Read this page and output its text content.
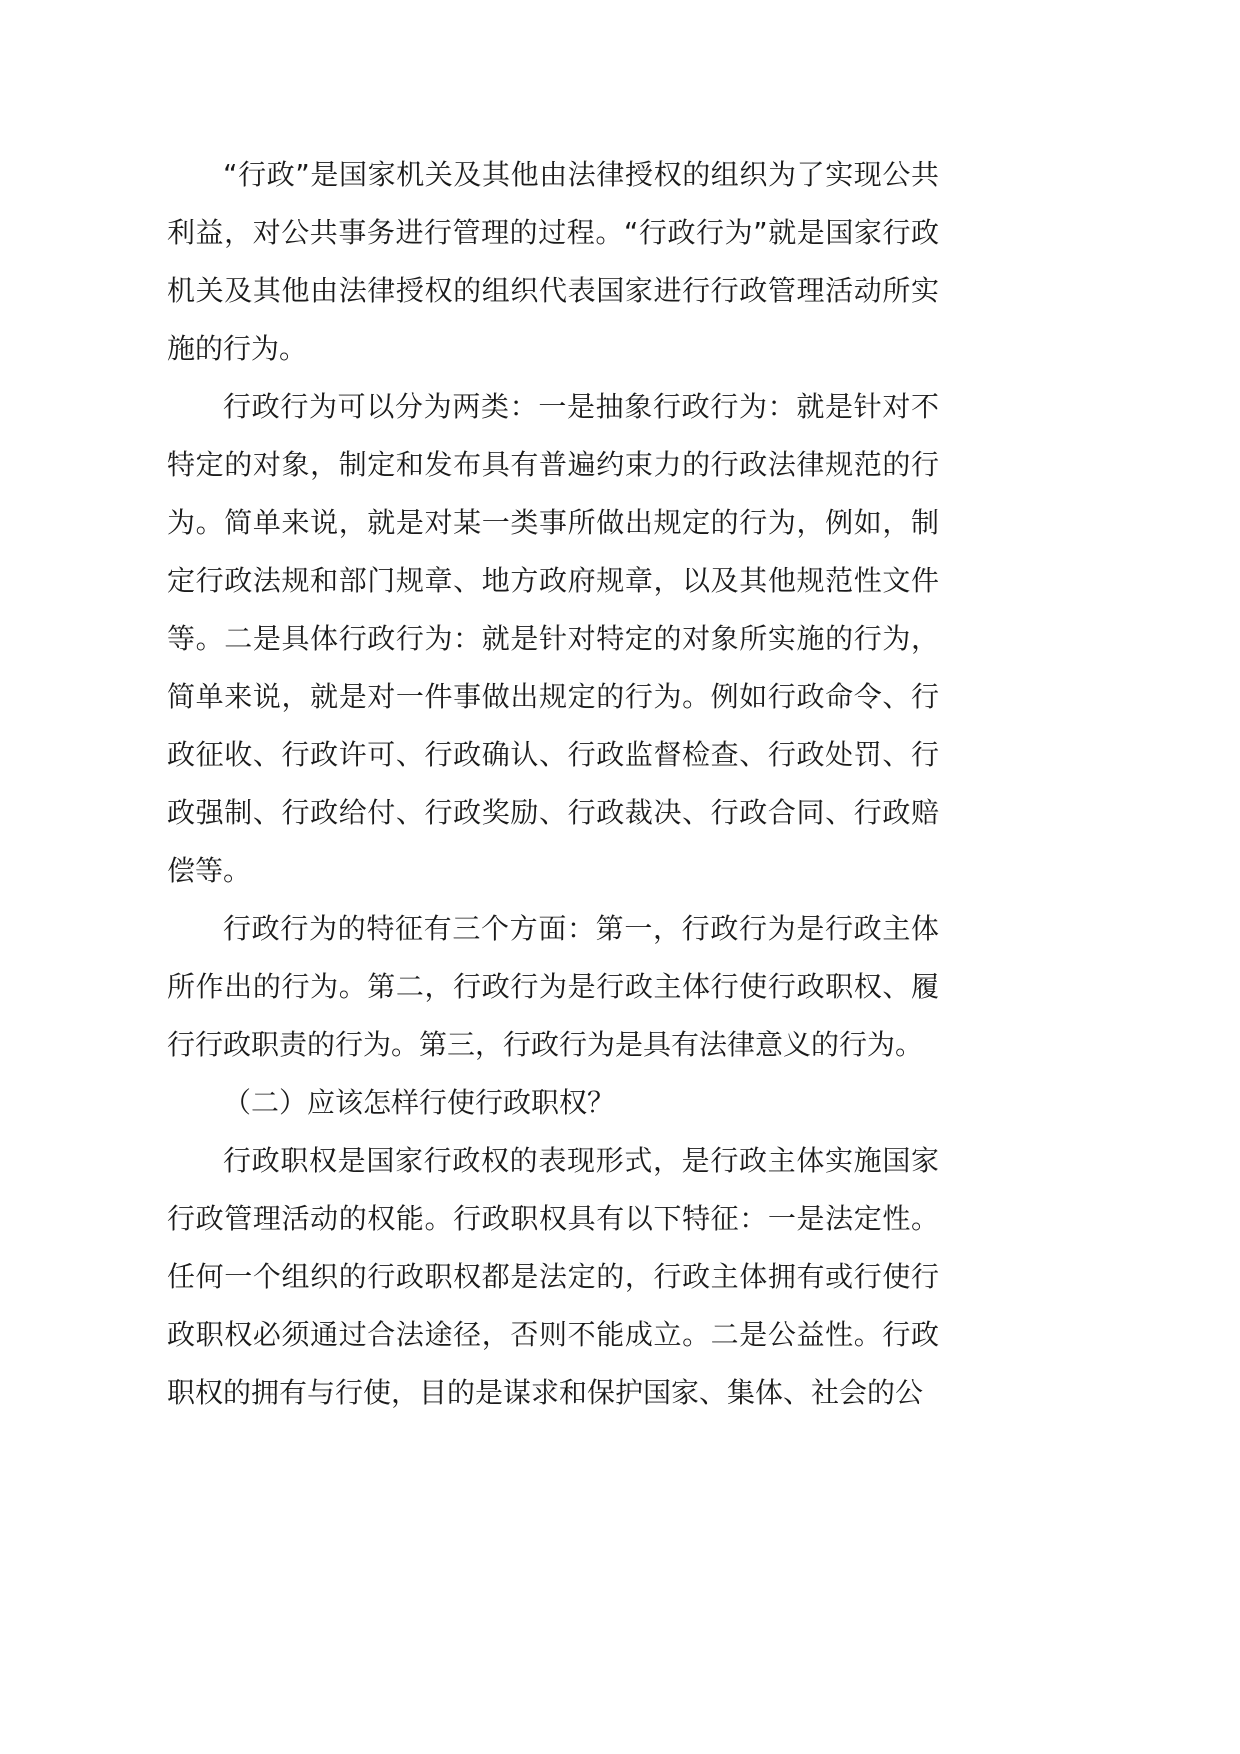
“行政”是国家机关及其他由法律授权的组织为了实现公共利益，对公共事务进行管理的过程。“行政行为”就是国家行政机关及其他由法律授权的组织代表国家进行行政管理活动所实施的行为。

行政行为可以分为两类：一是抽象行政行为：就是针对不特定的对象，制定和发布具有普遍约束力的行政法律规范的行为。简单来说，就是对某一类事所做出规定的行为，例如，制定行政法规和部门规章、地方政府规章，以及其他规范性文件等。二是具体行政行为：就是针对特定的对象所实施的行为，简单来说，就是对一件事做出规定的行为。例如行政命令、行政征收、行政许可、行政确认、行政监督检查、行政处罚、行政强制、行政给付、行政奖励、行政裁决、行政合同、行政赔偿等。

行政行为的特征有三个方面：第一，行政行为是行政主体所作出的行为。第二，行政行为是行政主体行使行政职权、履行行政职责的行为。第三，行政行为是具有法律意义的行为。

（二）应该怎样行使行政职权？

行政职权是国家行政权的表现形式，是行政主体实施国家行政管理活动的权能。行政职权具有以下特征：一是法定性。任何一个组织的行政职权都是法定的，行政主体拥有或行使行政职权必须通过合法途径，否则不能成立。二是公益性。行政职权的拥有与行使，目的是谋求和保护国家、集体、社会的公
